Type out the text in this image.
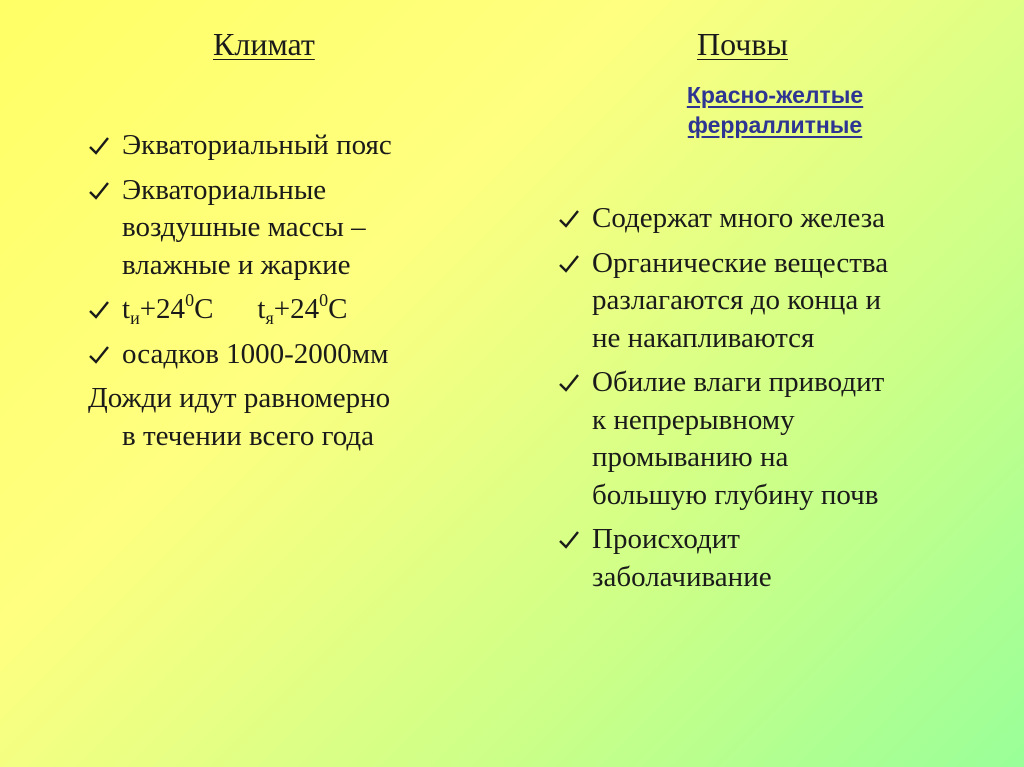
Климат	Почвы
Красно-желтые
ферраллитные
Экваториальный пояс
Экваториальные
воздушные массы –
влажные и жаркие
$t_и+24^0C$ $t_я+24^0C$
осадков 1000-2000мм
Дожди идут равномерно
в течении всего года
Содержат много железа
Органические вещества
разлагаются до конца и
не накапливаются
Обилие влаги приводит
к непрерывному
промыванию на
большую глубину почв
Происходит
заболачивание
